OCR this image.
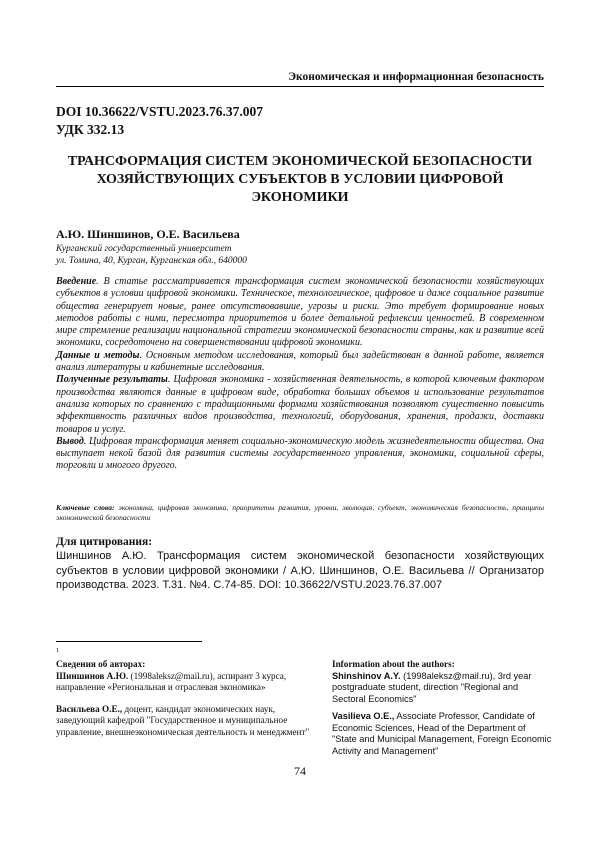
Экономическая и информационная безопасность
DOI 10.36622/VSTU.2023.76.37.007
УДК 332.13
ТРАНСФОРМАЦИЯ СИСТЕМ ЭКОНОМИЧЕСКОЙ БЕЗОПАСНОСТИ ХОЗЯЙСТВУЮЩИХ СУБЪЕКТОВ В УСЛОВИИ ЦИФРОВОЙ ЭКОНОМИКИ
А.Ю. Шиншинов, О.Е. Васильева
Курганский государственный университет
ул. Томина, 40, Курган, Курганская обл., 640000

Введение. В статье рассматривается трансформация систем экономической безопасности хозяйствующих субъектов в условии цифровой экономики. Техническое, технологическое, цифровое и даже социальное развитие общества генерирует новые, ранее отсутствовавшие, угрозы и риски. Это требует формирование новых методов работы с ними, пересмотра приоритетов и более детальной рефлексии ценностей. В современном мире стремление реализации национальной стратегии экономической безопасности страны, как и развитие всей экономики, сосредоточено на совершенствовании цифровой экономики.

Данные и методы. Основным методом исследования, который был задействован в данной работе, является анализ литературы и кабинетные исследования.

Полученные результаты. Цифровая экономика - хозяйственная деятельность, в которой ключевым фактором производства являются данные в цифровом виде, обработка больших объемов и использование результатов анализа которых по сравнению с традиционными формами хозяйствования позволяют существенно повысить эффективность различных видов производства, технологий, оборудования, хранения, продажи, доставки товаров и услуг.

Вывод. Цифровая трансформация меняет социально-экономическую модель жизнедеятельности общества. Она выступает некой базой для развития системы государственного управления, экономики, социальной сферы, торговли и многого другого.

Ключевые слова: экономика, цифровая экономика, приоритеты развития, уровни, эволюция, субъект, экономическая безопасность, принципы экономической безопасности
Для цитирования:
Шиншинов А.Ю. Трансформация систем экономической безопасности хозяйствующих субъектов в условии цифровой экономики / А.Ю. Шиншинов, О.Е. Васильева // Организатор производства. 2023. Т.31. №4. С.74-85. DOI: 10.36622/VSTU.2023.76.37.007
1
Сведения об авторах:
Шиншинов А.Ю. (1998aleksz@mail.ru), аспирант 3 курса, направление «Региональная и отраслевая экономика»
Васильева О.Е., доцент, кандидат экономических наук, заведующий кафедрой "Государственное и муниципальное управление, внешнеэкономическая деятельность и менеджмент"
Information about the authors:
Shinshinov A.Y. (1998aleksz@mail.ru), 3rd year postgraduate student, direction "Regional and Sectoral Economics"
Vasilieva O.E., Associate Professor, Candidate of Economic Sciences, Head of the Department of "State and Municipal Management, Foreign Economic Activity and Management"
74
